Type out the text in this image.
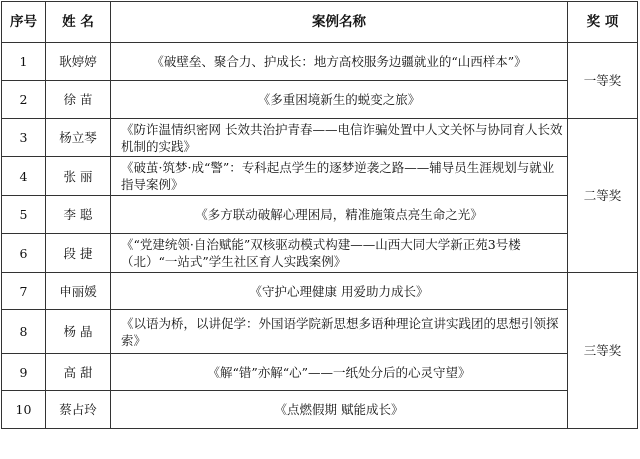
序号	姓 名	案例名称	奖 项
1	耿婷婷	《破壁垒、聚合力、护成长：地方高校服务边疆就业的“山西样本”》	一等奖
2	徐 苗	《多重困境新生的蜕变之旅》	
3	杨立琴	《防诈温情织密网 长效共治护青春——电信诈骗处置中人文关怀与协同育人长效机制的实践》	二等奖
4	张 丽	《破茧·筑梦·成“警”：专科起点学生的逐梦逆袭之路——辅导员生涯规划与就业指导案例》	
5	李 聪	《多方联动破解心理困局，精准施策点亮生命之光》	
6	段 捷	《“党建统领·自治赋能”双核驱动模式构建——山西大同大学新正苑3号楼（北）“一站式”学生社区育人实践案例》	
7	申丽媛	《守护心理健康 用爱助力成长》	三等奖
8	杨 晶	《以语为桥，以讲促学：外国语学院新思想多语种理论宣讲实践团的思想引领探索》	
9	高 甜	《解“错”亦解“心”——一纸处分后的心灵守望》	
10	蔡占玲	《点燃假期 赋能成长》	
